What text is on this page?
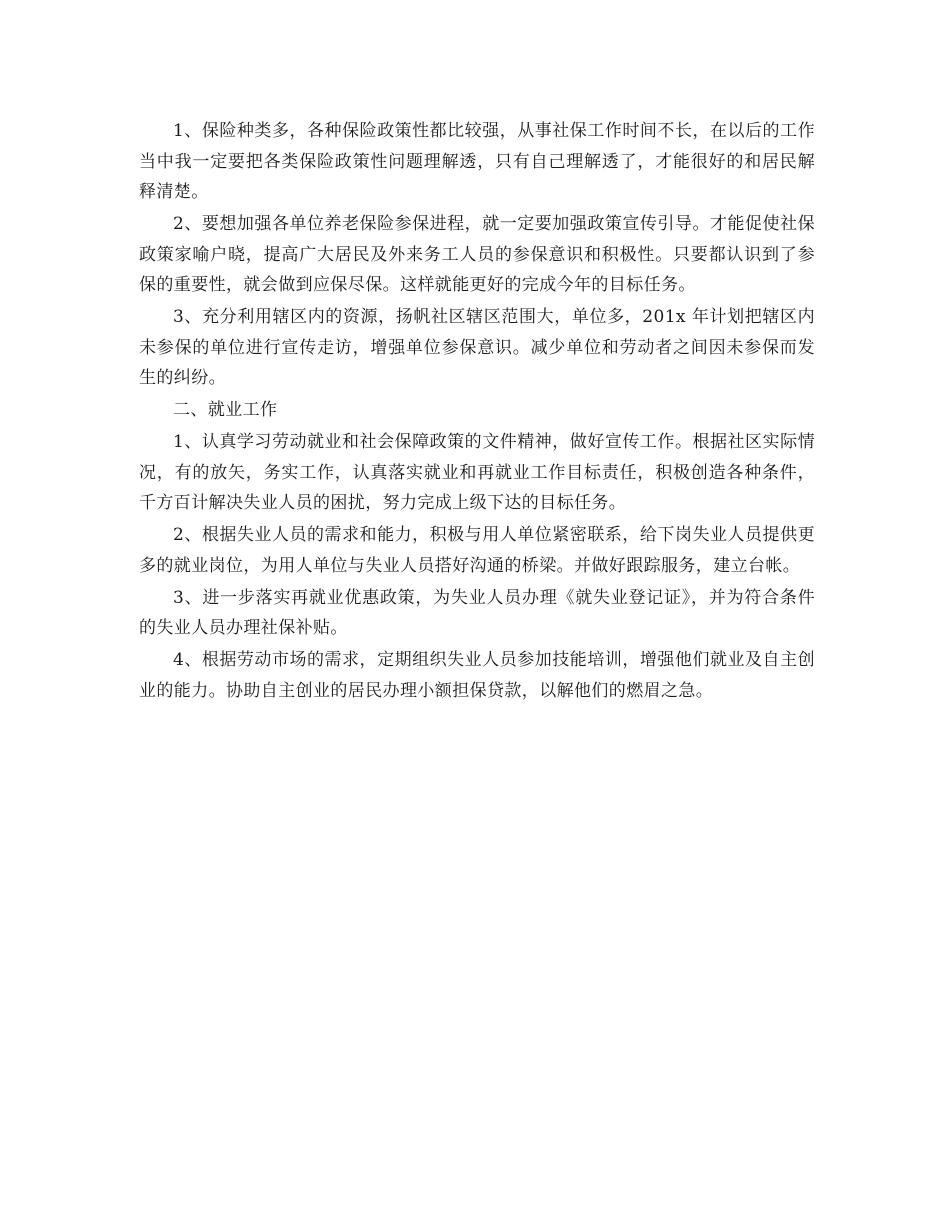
1、保险种类多，各种保险政策性都比较强，从事社保工作时间不长，在以后的工作当中我一定要把各类保险政策性问题理解透，只有自己理解透了，才能很好的和居民解释清楚。

2、要想加强各单位养老保险参保进程，就一定要加强政策宣传引导。才能促使社保政策家喻户晓，提高广大居民及外来务工人员的参保意识和积极性。只要都认识到了参保的重要性，就会做到应保尽保。这样就能更好的完成今年的目标任务。

3、充分利用辖区内的资源，扬帆社区辖区范围大，单位多，201x 年计划把辖区内未参保的单位进行宣传走访，增强单位参保意识。减少单位和劳动者之间因未参保而发生的纠纷。

二、就业工作

1、认真学习劳动就业和社会保障政策的文件精神，做好宣传工作。根据社区实际情况，有的放矢，务实工作，认真落实就业和再就业工作目标责任，积极创造各种条件，千方百计解决失业人员的困扰，努力完成上级下达的目标任务。

2、根据失业人员的需求和能力，积极与用人单位紧密联系，给下岗失业人员提供更多的就业岗位，为用人单位与失业人员搭好沟通的桥梁。并做好跟踪服务，建立台帐。

3、进一步落实再就业优惠政策，为失业人员办理《就失业登记证》，并为符合条件的失业人员办理社保补贴。

4、根据劳动市场的需求，定期组织失业人员参加技能培训，增强他们就业及自主创业的能力。协助自主创业的居民办理小额担保贷款，以解他们的燃眉之急。
